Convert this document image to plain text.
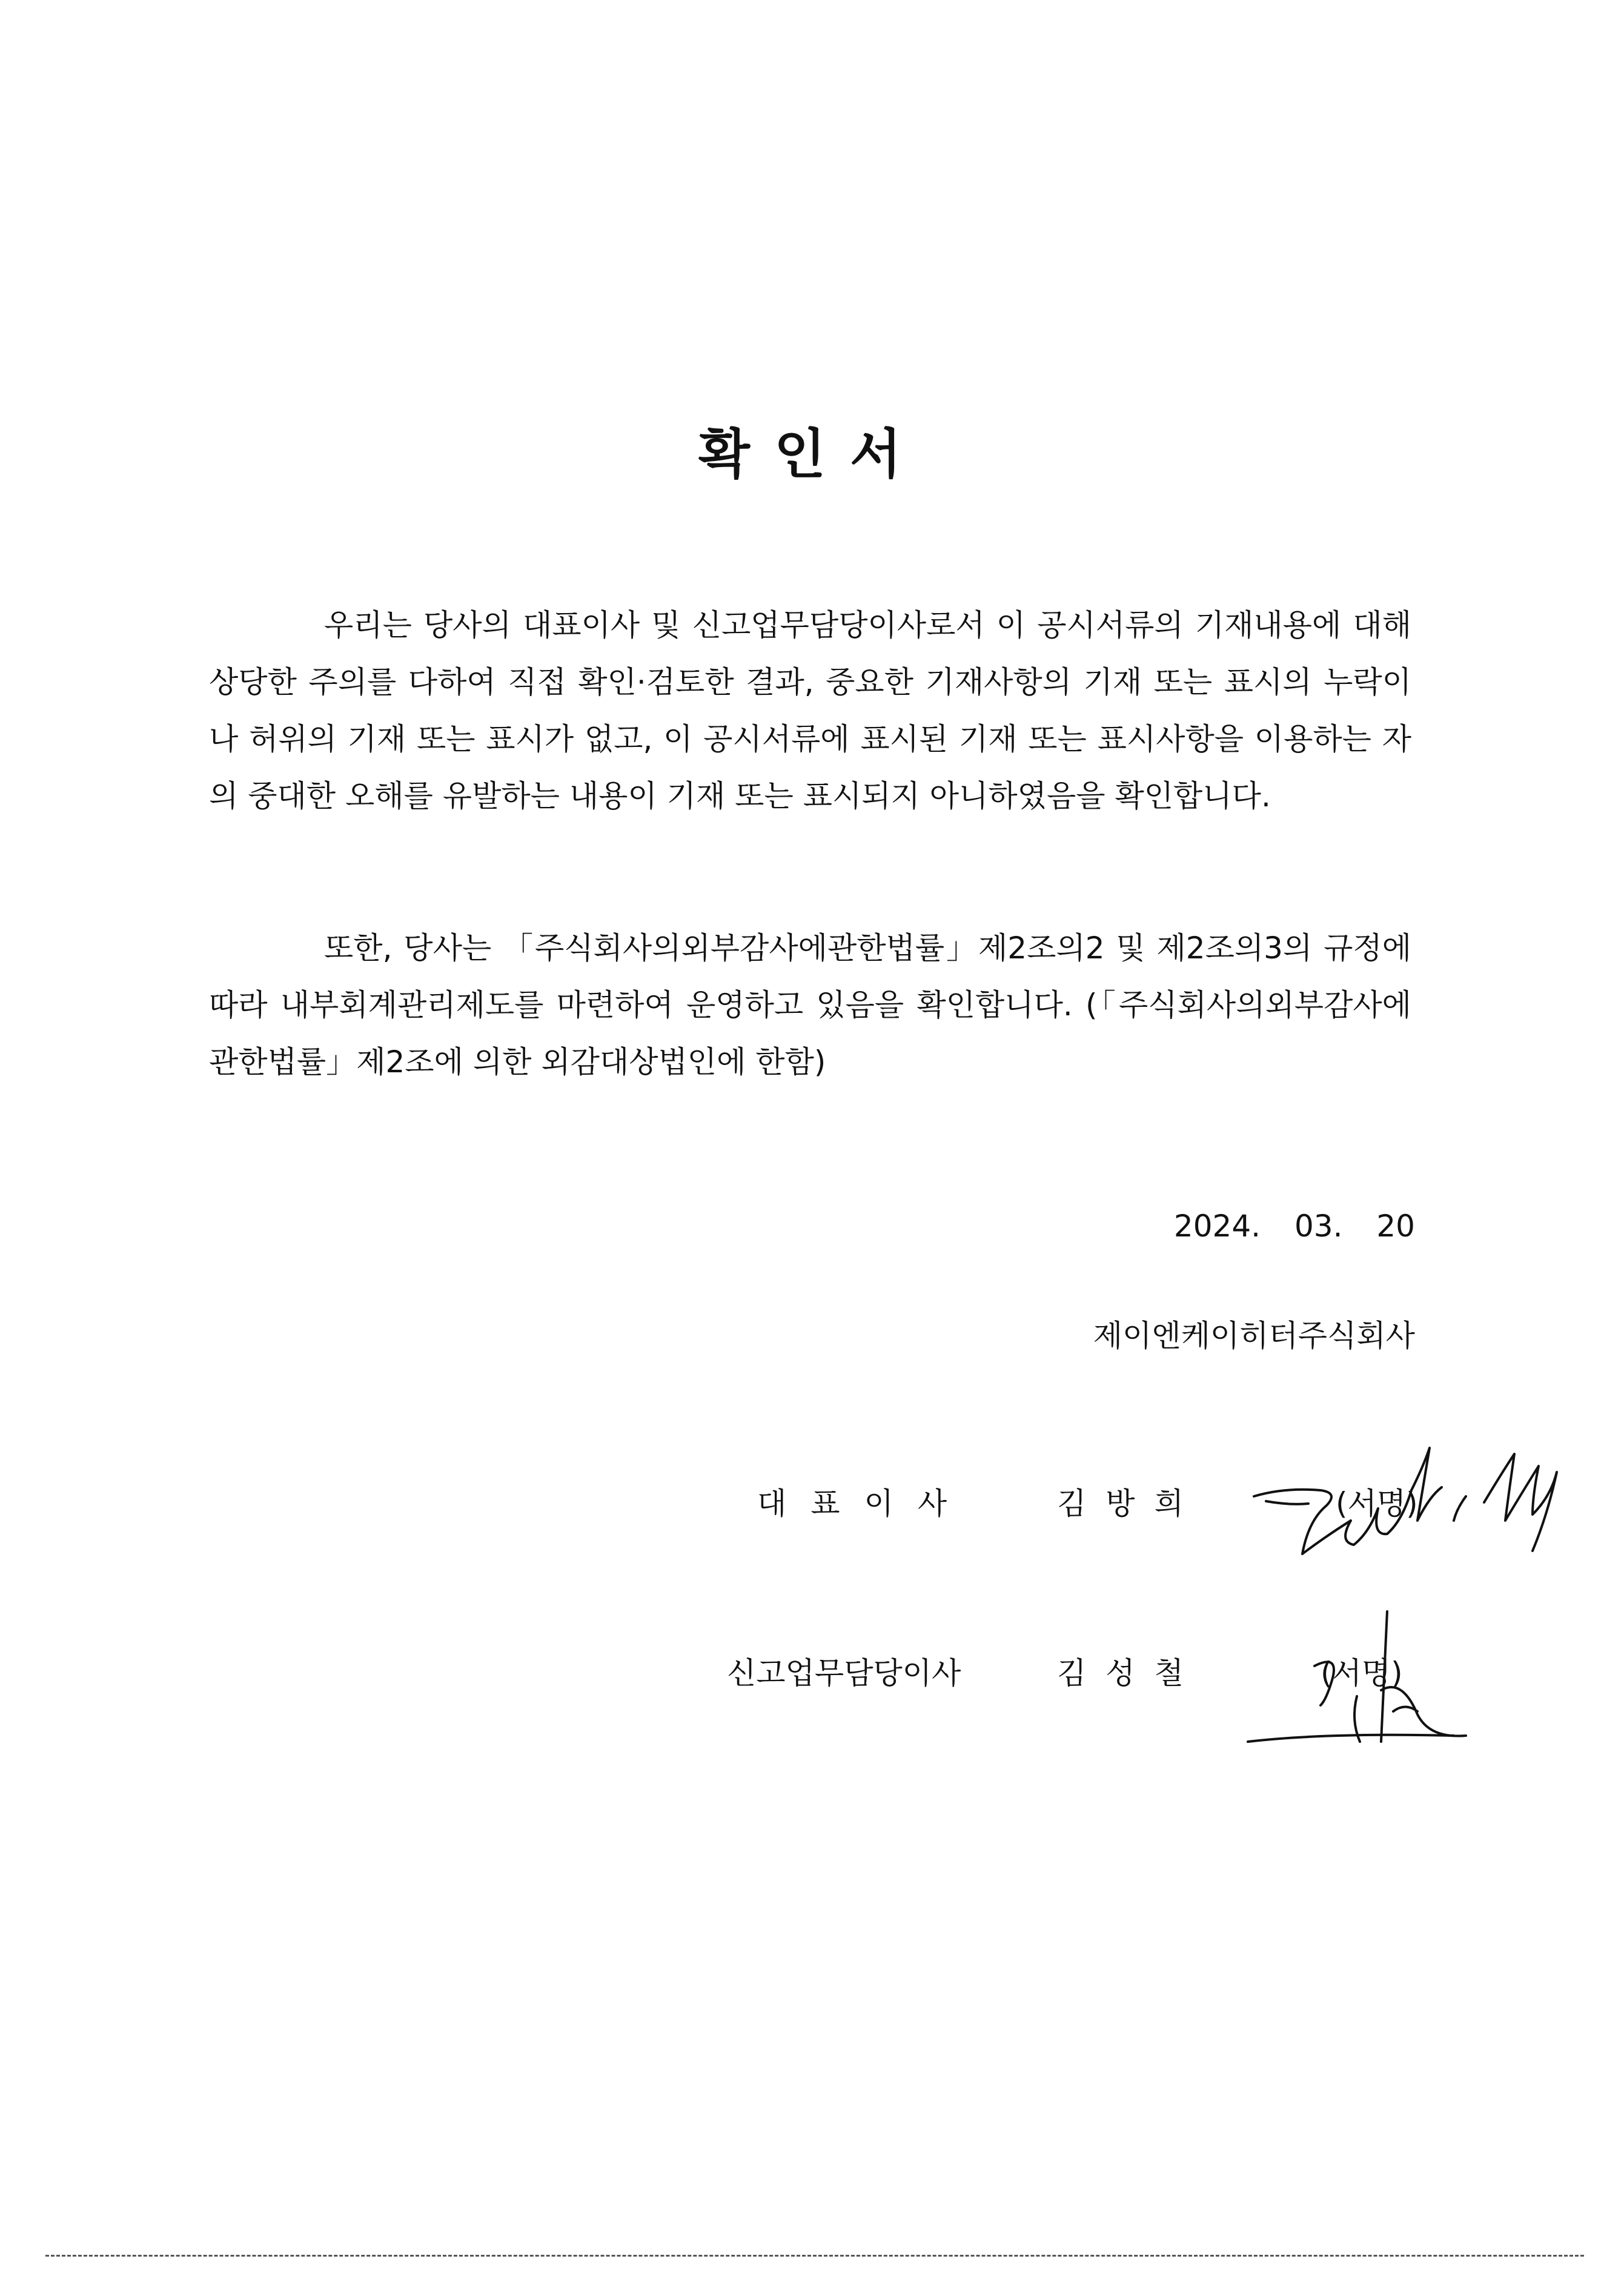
확인서
우리는 당사의 대표이사 및 신고업무담당이사로서 이 공시서류의 기재내용에 대해 상당한 주의를 다하여 직접 확인·검토한 결과, 중요한 기재사항의 기재 또는 표시의 누락이나 허위의 기재 또는 표시가 없고, 이 공시서류에 표시된 기재 또는 표시사항을 이용하는 자의 중대한 오해를 유발하는 내용이 기재 또는 표시되지 아니하였음을 확인합니다.
또한, 당사는 「주식회사의외부감사에관한법률」제2조의2 및 제2조의3의 규정에 따라 내부회계관리제도를 마련하여 운영하고 있음을 확인합니다. (「주식회사의외부감사에관한법률」제2조에 의한 외감대상법인에 한함)
2024. 03. 20
제이엔케이히터주식회사
대표이사	김방희	(서명)
신고업무담당이사	김성철	(서명)
